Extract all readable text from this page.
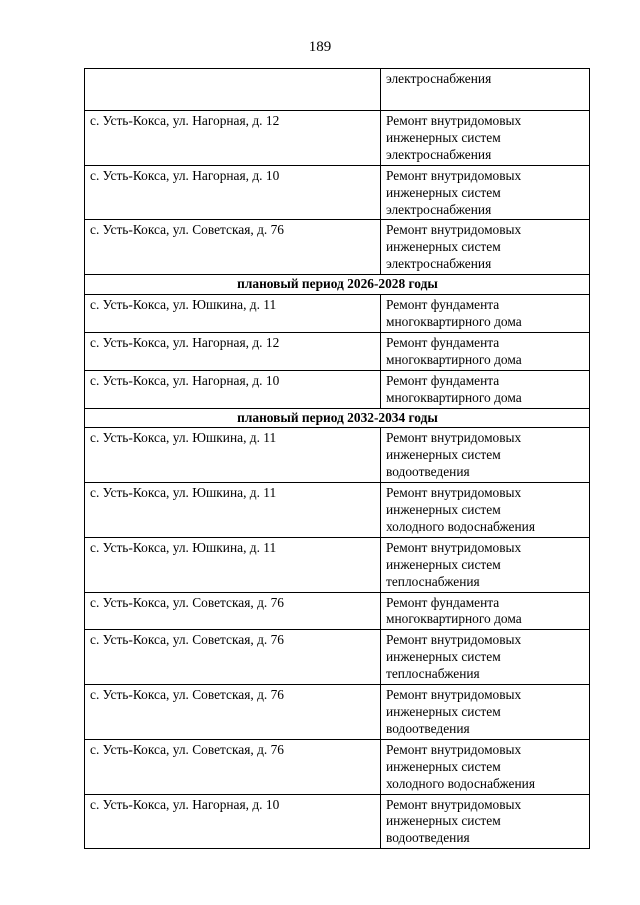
189
	электроснабжения
с. Усть-Кокса, ул. Нагорная, д. 12	Ремонт внутридомовых
инженерных систем
электроснабжения
с. Усть-Кокса, ул. Нагорная, д. 10	Ремонт внутридомовых
инженерных систем
электроснабжения
с. Усть-Кокса, ул. Советская, д. 76	Ремонт внутридомовых
инженерных систем
электроснабжения
плановый период 2026-2028 годы	
с. Усть-Кокса, ул. Юшкина, д. 11	Ремонт фундамента
многоквартирного дома
с. Усть-Кокса, ул. Нагорная, д. 12	Ремонт фундамента
многоквартирного дома
с. Усть-Кокса, ул. Нагорная, д. 10	Ремонт фундамента
многоквартирного дома
плановый период 2032-2034 годы	
с. Усть-Кокса, ул. Юшкина, д. 11	Ремонт внутридомовых
инженерных систем
водоотведения
с. Усть-Кокса, ул. Юшкина, д. 11	Ремонт внутридомовых
инженерных систем
холодного водоснабжения
с. Усть-Кокса, ул. Юшкина, д. 11	Ремонт внутридомовых
инженерных систем
теплоснабжения
с. Усть-Кокса, ул. Советская, д. 76	Ремонт фундамента
многоквартирного дома
с. Усть-Кокса, ул. Советская, д. 76	Ремонт внутридомовых
инженерных систем
теплоснабжения
с. Усть-Кокса, ул. Советская, д. 76	Ремонт внутридомовых
инженерных систем
водоотведения
с. Усть-Кокса, ул. Советская, д. 76	Ремонт внутридомовых
инженерных систем
холодного водоснабжения
с. Усть-Кокса, ул. Нагорная, д. 10	Ремонт внутридомовых
инженерных систем
водоотведения
